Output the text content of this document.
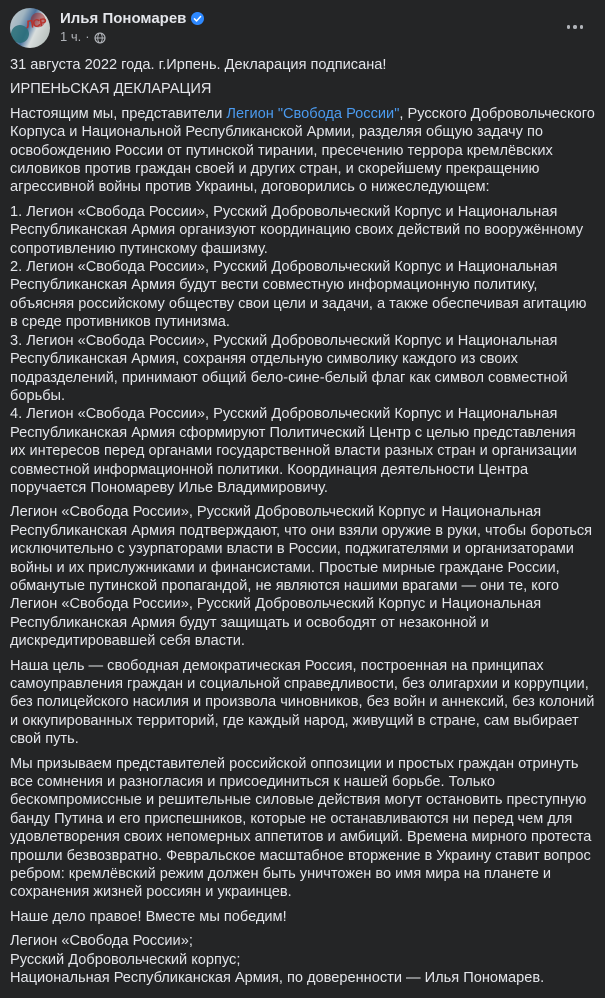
ЛСР Илья Пономарев
1 ч. ·

31 августа 2022 года. г.Ирпень. Декларация подписана!

ИРПЕНЬСКАЯ ДЕКЛАРАЦИЯ

Настоящим мы, представители Легион "Свобода России", Русского Добровольческого Корпуса и Национальной Республиканской Армии, разделяя общую задачу по освобождению России от путинской тирании, пресечению террора кремлёвских силовиков против граждан своей и других стран, и скорейшему прекращению агрессивной войны против Украины, договорились о нижеследующем:

1. Легион «Свобода России», Русский Добровольческий Корпус и Национальная Республиканская Армия организуют координацию своих действий по вооружённому сопротивлению путинскому фашизму.
2. Легион «Свобода России», Русский Добровольческий Корпус и Национальная Республиканская Армия будут вести совместную информационную политику, объясняя российскому обществу свои цели и задачи, а также обеспечивая агитацию в среде противников путинизма.
3. Легион «Свобода России», Русский Добровольческий Корпус и Национальная Республиканская Армия, сохраняя отдельную символику каждого из своих подразделений, принимают общий бело-сине-белый флаг как символ совместной борьбы.
4. Легион «Свобода России», Русский Добровольческий Корпус и Национальная Республиканская Армия сформируют Политический Центр с целью представления их интересов перед органами государственной власти разных стран и организации совместной информационной политики. Координация деятельности Центра поручается Пономареву Илье Владимировичу.

Легион «Свобода России», Русский Добровольческий Корпус и Национальная Республиканская Армия подтверждают, что они взяли оружие в руки, чтобы бороться исключительно с узурпаторами власти в России, поджигателями и организаторами войны и их прислужниками и финансистами. Простые мирные граждане России, обманутые путинской пропагандой, не являются нашими врагами — они те, кого Легион «Свобода России», Русский Добровольческий Корпус и Национальная Республиканская Армия будут защищать и освободят от незаконной и дискредитировавшей себя власти.

Наша цель — свободная демократическая Россия, построенная на принципах самоуправления граждан и социальной справедливости, без олигархии и коррупции, без полицейского насилия и произвола чиновников, без войн и аннексий, без колоний и оккупированных территорий, где каждый народ, живущий в стране, сам выбирает свой путь.

Мы призываем представителей российской оппозиции и простых граждан отринуть все сомнения и разногласия и присоединиться к нашей борьбе. Только бескомпромиссные и решительные силовые действия могут остановить преступную банду Путина и его приспешников, которые не останавливаются ни перед чем для удовлетворения своих непомерных аппетитов и амбиций. Времена мирного протеста прошли безвозвратно. Февральское масштабное вторжение в Украину ставит вопрос ребром: кремлёвский режим должен быть уничтожен во имя мира на планете и сохранения жизней россиян и украинцев.

Наше дело правое! Вместе мы победим!

Легион «Свобода России»;
Русский Добровольческий корпус;
Национальная Республиканская Армия, по доверенности — Илья Пономарев.
